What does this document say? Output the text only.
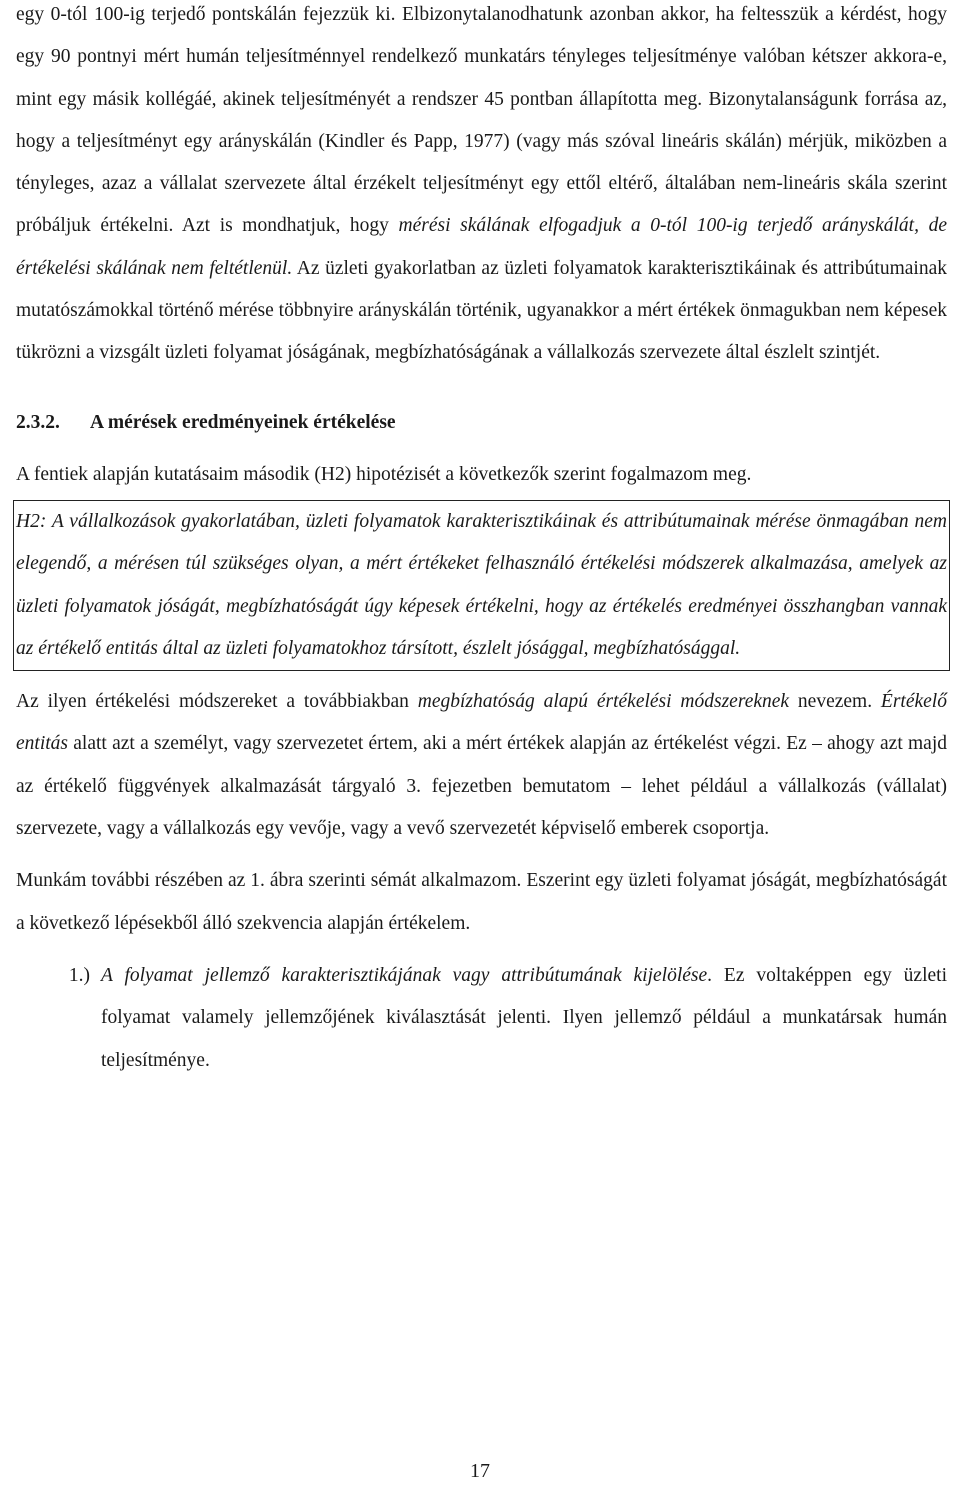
egy 0-tól 100-ig terjedő pontskálán fejezzük ki. Elbizonytalanodhatunk azonban akkor, ha feltesszük a kérdést, hogy egy 90 pontnyi mért humán teljesítménnyel rendelkező munkatárs tényleges teljesítménye valóban kétszer akkora-e, mint egy másik kollégáé, akinek teljesítményét a rendszer 45 pontban állapította meg. Bizonytalanságunk forrása az, hogy a teljesítményt egy arányskálán (Kindler és Papp, 1977) (vagy más szóval lineáris skálán) mérjük, miközben a tényleges, azaz a vállalat szervezete által érzékelt teljesítményt egy ettől eltérő, általában nem-lineáris skála szerint próbáljuk értékelni. Azt is mondhatjuk, hogy mérési skálának elfogadjuk a 0-tól 100-ig terjedő arányskálát, de értékelési skálának nem feltétlenül. Az üzleti gyakorlatban az üzleti folyamatok karakterisztikáinak és attribútumainak mutatószámokkal történő mérése többnyire arányskálán történik, ugyanakkor a mért értékek önmagukban nem képesek tükrözni a vizsgált üzleti folyamat jóságának, megbízhatóságának a vállalkozás szervezete által észlelt szintjét.

2.3.2. A mérések eredményeinek értékelése

A fentiek alapján kutatásaim második (H2) hipotézisét a következők szerint fogalmazom meg.

H2: A vállalkozások gyakorlatában, üzleti folyamatok karakterisztikáinak és attribútumainak mérése önmagában nem elegendő, a mérésen túl szükséges olyan, a mért értékeket felhasználó értékelési módszerek alkalmazása, amelyek az üzleti folyamatok jóságát, megbízhatóságát úgy képesek értékelni, hogy az értékelés eredményei összhangban vannak az értékelő entitás által az üzleti folyamatokhoz társított, észlelt jósággal, megbízhatósággal.

Az ilyen értékelési módszereket a továbbiakban megbízhatóság alapú értékelési módszereknek nevezem. Értékelő entitás alatt azt a személyt, vagy szervezetet értem, aki a mért értékek alapján az értékelést végzi. Ez – ahogy azt majd az értékelő függvények alkalmazását tárgyaló 3. fejezetben bemutatom – lehet például a vállalkozás (vállalat) szervezete, vagy a vállalkozás egy vevője, vagy a vevő szervezetét képviselő emberek csoportja.

Munkám további részében az 1. ábra szerinti sémát alkalmazom. Eszerint egy üzleti folyamat jóságát, megbízhatóságát a következő lépésekből álló szekvencia alapján értékelem.

1.) A folyamat jellemző karakterisztikájának vagy attribútumának kijelölése. Ez voltaképpen egy üzleti folyamat valamely jellemzőjének kiválasztását jelenti. Ilyen jellemző például a munkatársak humán teljesítménye.

17
